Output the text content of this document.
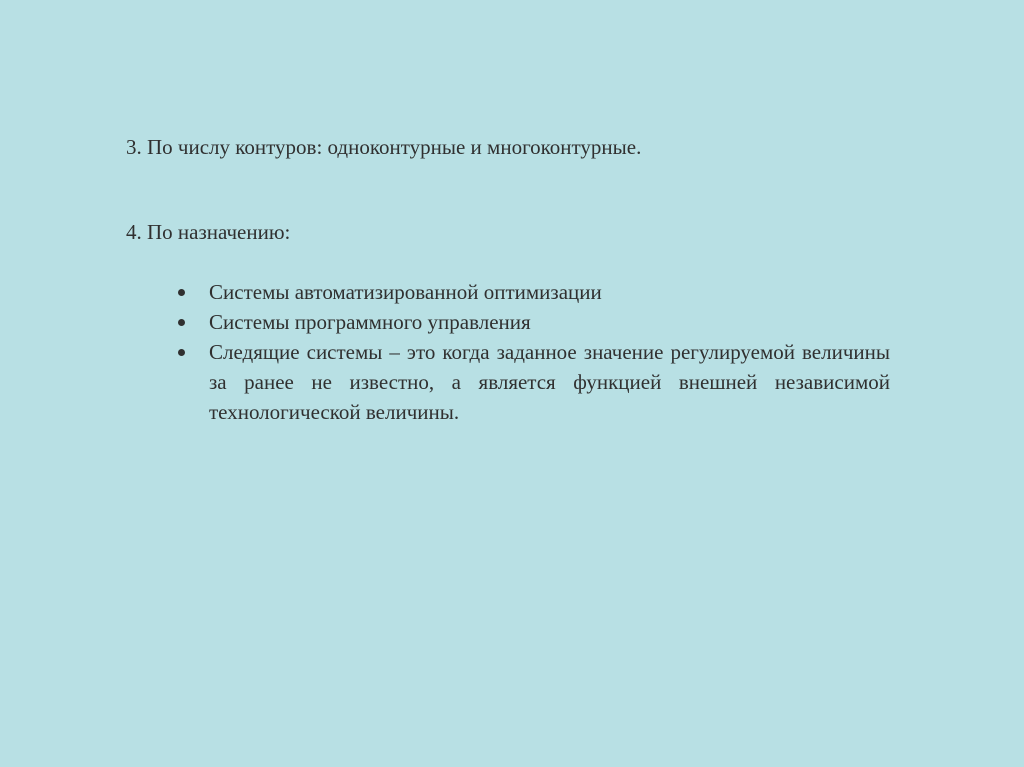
3. По числу контуров: одноконтурные и многоконтурные.
4. По назначению:
Системы автоматизированной оптимизации
Системы программного управления
Следящие системы – это когда заданное значение регулируемой величины за ранее не известно, а является функцией внешней независимой технологической величины.
